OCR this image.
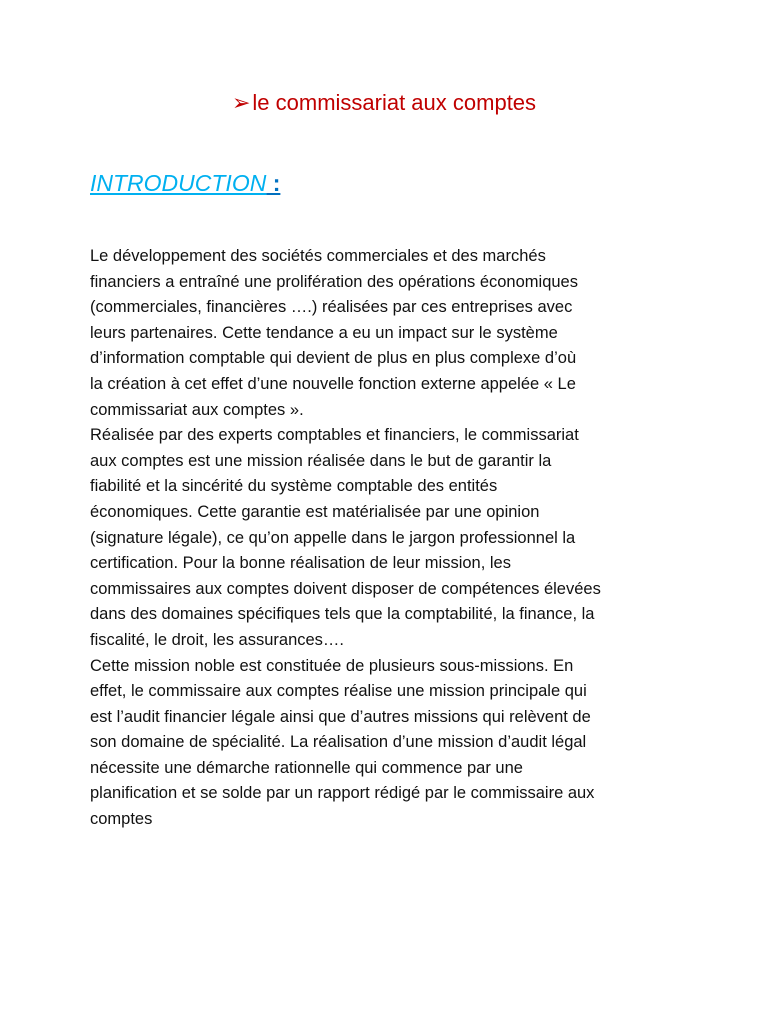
➢le commissariat aux comptes
INTRODUCTION :
Le développement des sociétés commerciales et des marchés
financiers a entraîné une prolifération des opérations économiques
(commerciales, financières ….) réalisées par ces entreprises avec
leurs partenaires. Cette tendance a eu un impact sur le système
d’information comptable qui devient de plus en plus complexe d’où
la création à cet effet d’une nouvelle fonction externe appelée « Le
commissariat aux comptes ».
Réalisée par des experts comptables et financiers, le commissariat
aux comptes est une mission réalisée dans le but de garantir la
fiabilité et la sincérité du système comptable des entités
économiques. Cette garantie est matérialisée par une opinion
(signature légale), ce qu’on appelle dans le jargon professionnel la
certification. Pour la bonne réalisation de leur mission, les
commissaires aux comptes doivent disposer de compétences élevées
dans des domaines spécifiques tels que la comptabilité, la finance, la
fiscalité, le droit, les assurances….
Cette mission noble est constituée de plusieurs sous-missions. En
effet, le commissaire aux comptes réalise une mission principale qui
est l’audit financier légale ainsi que d’autres missions qui relèvent de
son domaine de spécialité. La réalisation d’une mission d’audit légal
nécessite une démarche rationnelle qui commence par une
planification et se solde par un rapport rédigé par le commissaire aux
comptes
